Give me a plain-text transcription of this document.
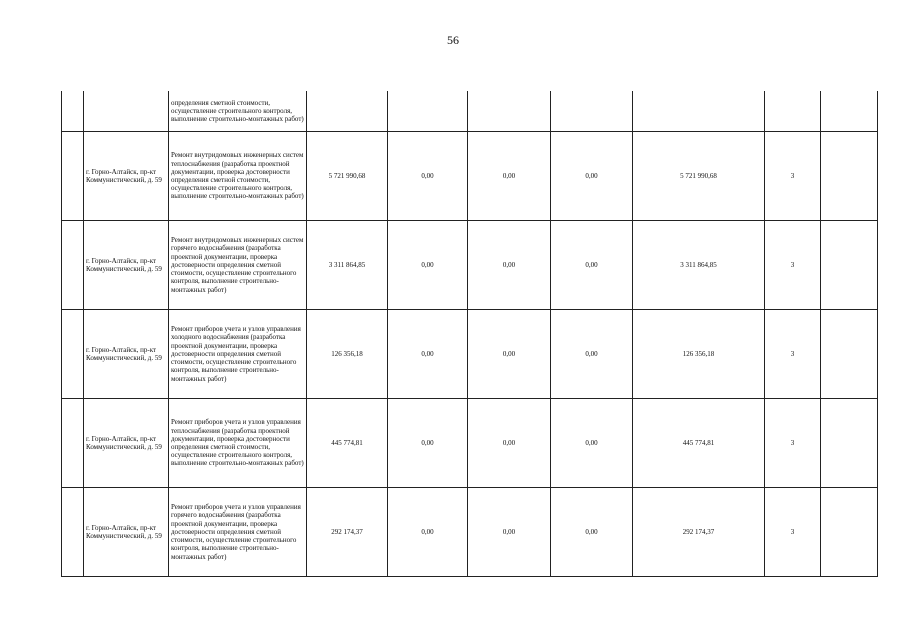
56
		определения сметной стоимости, осуществление строительного контроля, выполнение строительно-монтажных работ)							
	г. Горно-Алтайск, пр-кт Коммунистический, д. 59	Ремонт внутридомовых инженерных систем теплоснабжения (разработка проектной документации, проверка достоверности определения сметной стоимости, осуществление строительного контроля, выполнение строительно-монтажных работ)	5 721 990,68	0,00	0,00	0,00	5 721 990,68	3	
	г. Горно-Алтайск, пр-кт Коммунистический, д. 59	Ремонт внутридомовых инженерных систем горячего водоснабжения (разработка проектной документации, проверка достоверности определения сметной стоимости, осуществление строительного контроля, выполнение строительно-монтажных работ)	3 311 864,85	0,00	0,00	0,00	3 311 864,85	3	
	г. Горно-Алтайск, пр-кт Коммунистический, д. 59	Ремонт приборов учета и узлов управления холодного водоснабжения (разработка проектной документации, проверка достоверности определения сметной стоимости, осуществление строительного контроля, выполнение строительно-монтажных работ)	126 356,18	0,00	0,00	0,00	126 356,18	3	
	г. Горно-Алтайск, пр-кт Коммунистический, д. 59	Ремонт приборов учета и узлов управления теплоснабжения (разработка проектной документации, проверка достоверности определения сметной стоимости, осуществление строительного контроля, выполнение строительно-монтажных работ)	445 774,81	0,00	0,00	0,00	445 774,81	3	
	г. Горно-Алтайск, пр-кт Коммунистический, д. 59	Ремонт приборов учета и узлов управления горячего водоснабжения (разработка проектной документации, проверка достоверности определения сметной стоимости, осуществление строительного контроля, выполнение строительно-монтажных работ)	292 174,37	0,00	0,00	0,00	292 174,37	3	
